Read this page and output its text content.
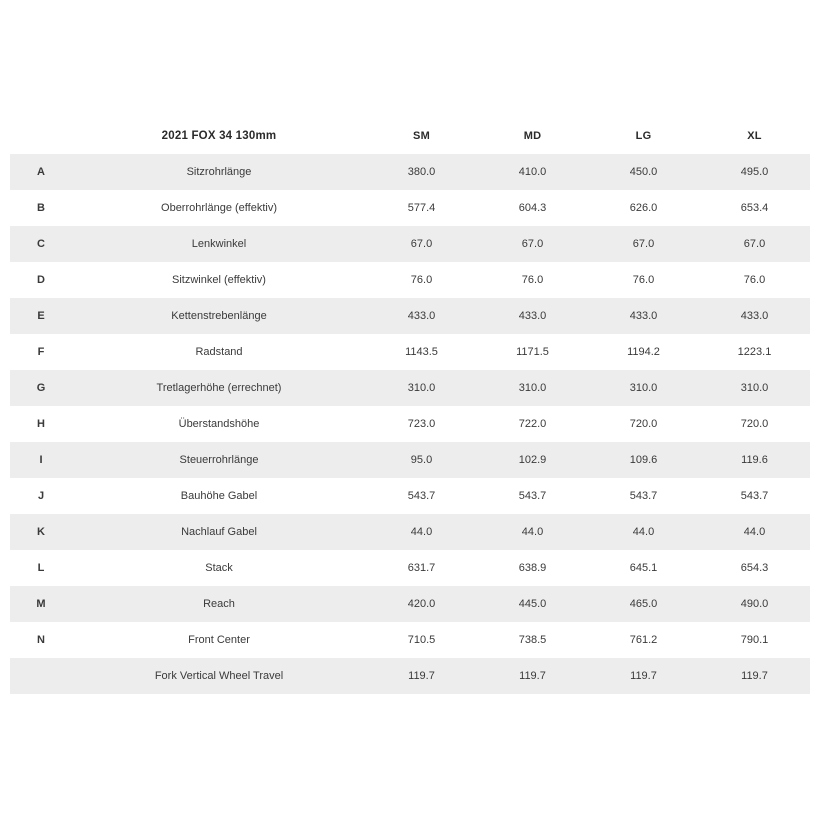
	2021 FOX 34 130mm	SM	MD	LG	XL
A	Sitzrohrlänge	380.0	410.0	450.0	495.0
B	Oberrohrlänge (effektiv)	577.4	604.3	626.0	653.4
C	Lenkwinkel	67.0	67.0	67.0	67.0
D	Sitzwinkel (effektiv)	76.0	76.0	76.0	76.0
E	Kettenstrebenlänge	433.0	433.0	433.0	433.0
F	Radstand	1143.5	1171.5	1194.2	1223.1
G	Tretlagerhöhe (errechnet)	310.0	310.0	310.0	310.0
H	Überstandshöhe	723.0	722.0	720.0	720.0
I	Steuerrohrlänge	95.0	102.9	109.6	119.6
J	Bauhöhe Gabel	543.7	543.7	543.7	543.7
K	Nachlauf Gabel	44.0	44.0	44.0	44.0
L	Stack	631.7	638.9	645.1	654.3
M	Reach	420.0	445.0	465.0	490.0
N	Front Center	710.5	738.5	761.2	790.1
	Fork Vertical Wheel Travel	119.7	119.7	119.7	119.7
